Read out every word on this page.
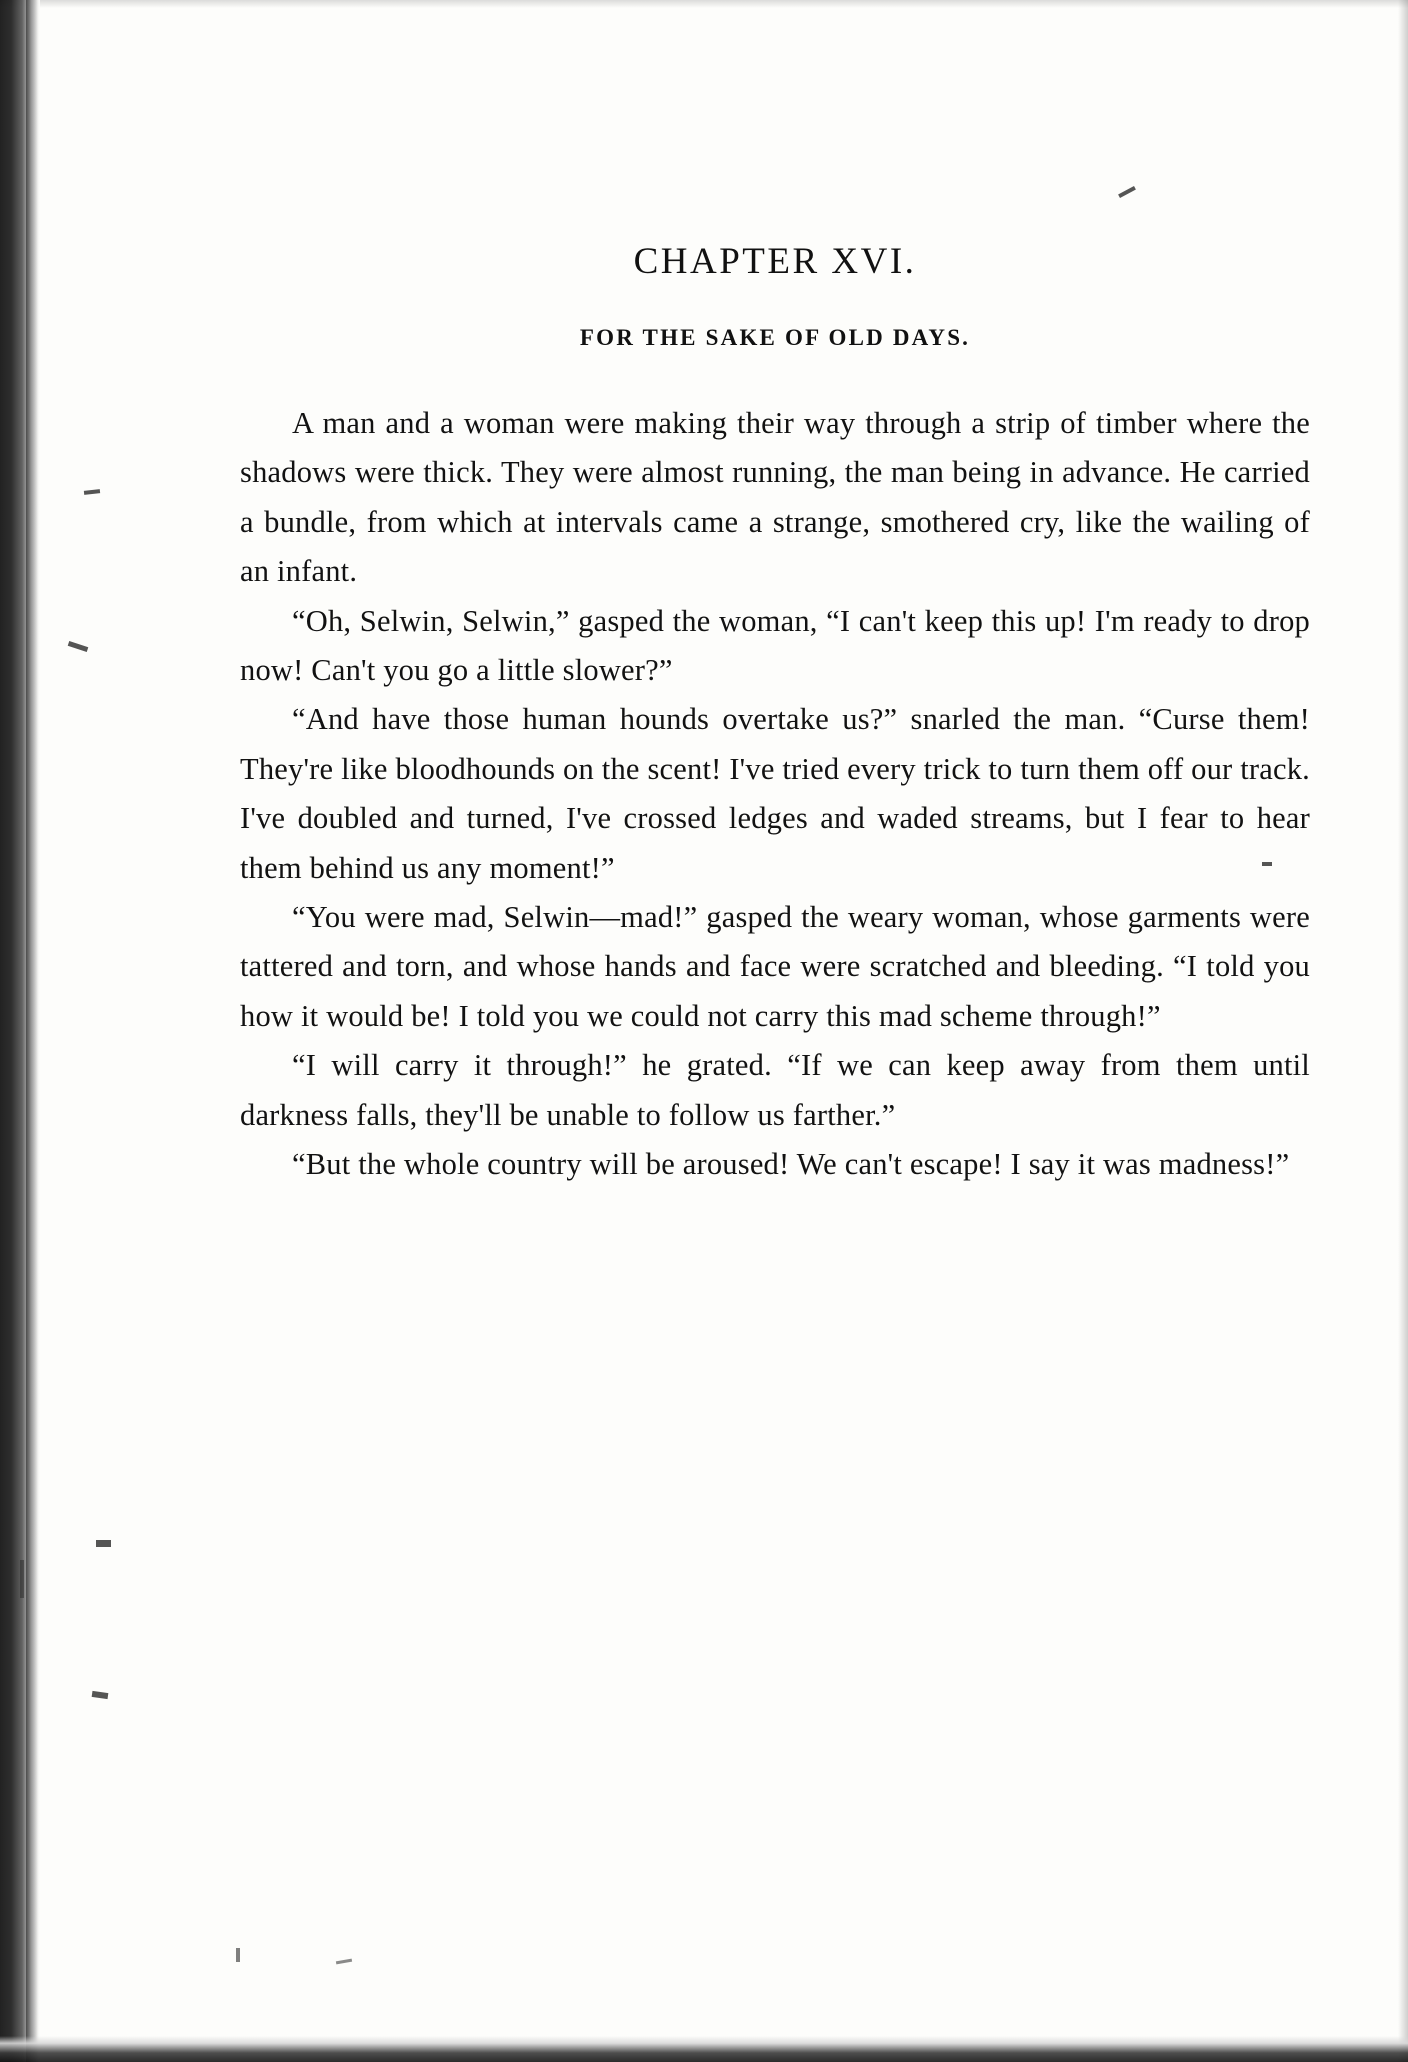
CHAPTER XVI.
FOR THE SAKE OF OLD DAYS.

A man and a woman were making their way through a strip of timber where the shadows were thick. They were almost running, the man being in advance. He carried a bundle, from which at intervals came a strange, smothered cry, like the wailing of an infant.

“Oh, Selwin, Selwin,” gasped the woman, “I can't keep this up! I'm ready to drop now! Can't you go a little slower?”

“And have those human hounds overtake us?” snarled the man. “Curse them! They're like bloodhounds on the scent! I've tried every trick to turn them off our track. I've doubled and turned, I've crossed ledges and waded streams, but I fear to hear them behind us any moment!”

“You were mad, Selwin—mad!” gasped the weary woman, whose garments were tattered and torn, and whose hands and face were scratched and bleeding. “I told you how it would be! I told you we could not carry this mad scheme through!”

“I will carry it through!” he grated. “If we can keep away from them until darkness falls, they'll be unable to follow us farther.”

“But the whole country will be aroused! We can't escape! I say it was madness!”
